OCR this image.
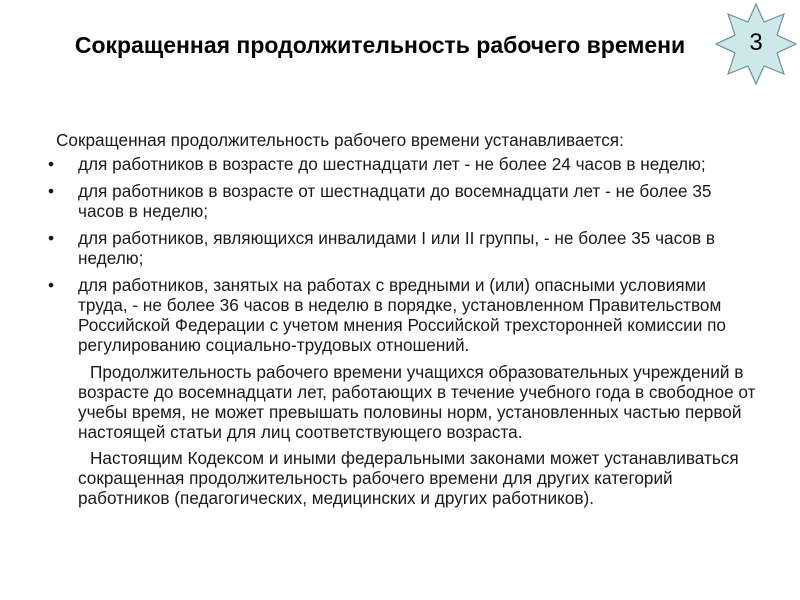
Сокращенная продолжительность рабочего времени	3

Сокращенная продолжительность рабочего времени устанавливается:

•	для работников в возрасте до шестнадцати лет - не более 24 часов в неделю;
•	для работников в возрасте от шестнадцати до восемнадцати лет - не более 35 часов в неделю;
•	для работников, являющихся инвалидами I или II группы, - не более 35 часов в неделю;
•	для работников, занятых на работах с вредными и (или) опасными условиями труда, - не более 36 часов в неделю в порядке, установленном Правительством Российской Федерации с учетом мнения Российской трехсторонней комиссии по регулированию социально-трудовых отношений.

Продолжительность рабочего времени учащихся образовательных учреждений в возрасте до восемнадцати лет, работающих в течение учебного года в свободное от учебы время, не может превышать половины норм, установленных частью первой настоящей статьи для лиц соответствующего возраста.

Настоящим Кодексом и иными федеральными законами может устанавливаться сокращенная продолжительность рабочего времени для других категорий работников (педагогических, медицинских и других работников).
